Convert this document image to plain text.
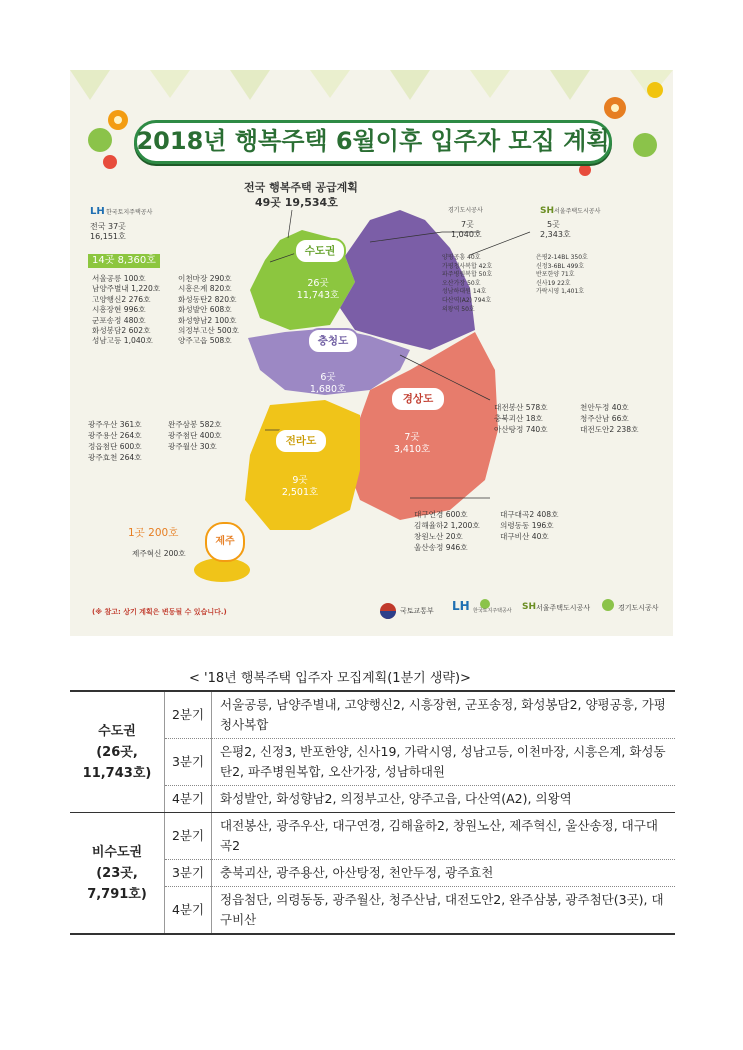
2018년 행복주택 6월이후 입주자 모집 계획
전국 행복주택 공급계획
49곳 19,534호
LH 한국토지주택공사
전국 37곳
16,151호
14곳 8,360호
서울공릉 100호
남양주별내 1,220호
고양행신2 276호
시흥장현 996호
군포송정 480호
화성봉담2 602호
성남고등 1,040호
이천마장 290호
시흥은계 820호
화성동탄2 820호
화성발안 608호
화성향남2 100호
의정부고산 500호
양주고읍 508호
경기도시공사
7곳
1,040호
양평공흥 40호
가평청사복합 42호
파주병원복합 50호
오산가장 50호
성남하대원 14호
다산역(A2) 794호
의왕역 50호
SH 서울주택도시공사
5곳
2,343호
은평2-14BL 350호
신정3-6BL 499호
반포한양 71호
신사19 22호
가락시영 1,401호
수도권
26곳
11,743호
충청도
6곳
1,680호
경상도
7곳
3,410호
전라도
9곳
2,501호
제주
1곳 200호
제주혁신 200호
대전봉산 578호
충북괴산 18호
아산탕정 740호
천안두정 40호
청주산남 66호
대전도안2 238호
광주우산 361호
광주용산 264호
정읍첨단 600호
광주효천 264호
완주삼봉 582호
광주첨단 400호
광주월산 30호
대구연경 600호
김해율하2 1,200호
창원노산 20호
울산송정 946호
대구대곡2 408호
의령동동 196호
대구비산 40호
(※ 참고: 상기 계획은 변동될 수 있습니다.)	국토교통부 LH 한국토지주택공사 SH 서울주택도시공사	경기도시공사
< '18년 행복주택 입주자 모집계획(1분기 생략)>
수도권
(26곳,
11,743호)	2분기	서울공릉, 남양주별내, 고양행신2, 시흥장현, 군포송정, 화성봉담2, 양평공흥, 가평청사복합
	3분기	은평2, 신정3, 반포한양, 신사19, 가락시영, 성남고등, 이천마장, 시흥은계, 화성동탄2, 파주병원복합, 오산가장, 성남하대원
	4분기	화성발안, 화성향남2, 의정부고산, 양주고읍, 다산역(A2), 의왕역

비수도권
(23곳,
7,791호)	2분기	대전봉산, 광주우산, 대구연경, 김해율하2, 창원노산, 제주혁신, 울산송정, 대구대곡2
	3분기	충북괴산, 광주용산, 아산탕정, 천안두정, 광주효천
	4분기	정읍첨단, 의령동동, 광주월산, 청주산남, 대전도안2, 완주삼봉, 광주첨단(3곳), 대구비산
